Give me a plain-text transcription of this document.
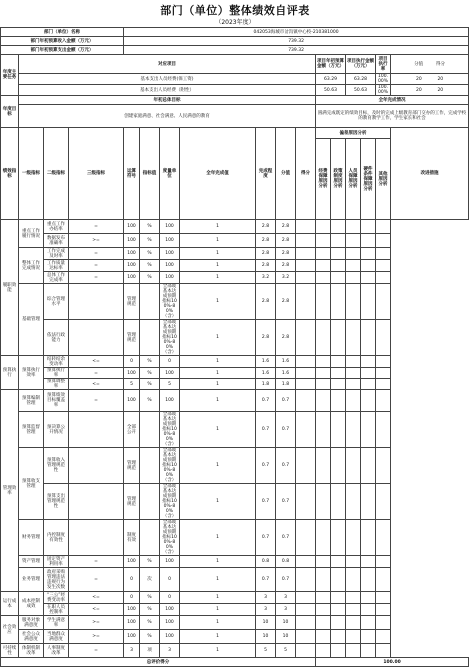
部门（单位）整体绩效自评表
（2023年度）
部门（单位）名称				042053海城市岔沟镇中心校-210381000												
部门年初预算收入金额（万元）				739.32												
部门年初预算支出金额（万元）				739.32												
年度主要任务	对应项目										项目年初预算金额（万元）		项目执行金额（万元）		项目执行率	分值 得分
	基本支出人员经费(保工资)										63.29		63.28		100.00%	20 20
	基本支出人员经费（附性）										50.63		50.63		100.00%	20 20
年度目标	年初总体目标										全年完成情况					
	创建家庭满意、社会满意、人民满意的教育										圆满完成既定的绩效目标，及时的完成上级教育部门交办的工作，完成学校的教育教学工作，学生家长和社会					
绩效指标	一级指标	二级指标	三级指标	运算符号	指标值	度量单位	全年完成值	完成程度	分值	得分	偏差原因分析					改进措施
											经费保障原因分析	政策制度原因分析	人员保障原因分析	硬件条件保障原因分析	其他原因分析	
履职效能	重点工作履行情况	重点工作办结率	=	100	%	100	1	2.8	2.8							
		数据发布准确率	>=	100	%	100	1	2.8	2.8							
	整体工作完成情况	工作完成及时率	=	100	%	100	1	2.8	2.8							
		工作质量达标率	=	100	%	100	1	2.8	2.8							
		总体工作完成率	=	100	%	100	1	3.2	3.2							
	基础管理	综合管理水平		管理规范		全部或基本达成预期指标100%-80%（含）	1	2.8	2.8							
		依法行政能力		管理规范		全部或基本达成预期指标100%-80%（含）	1	2.8	2.8							
预算执行	预算执行效率	结转结余变动率	<=	0	%	0	1	1.6	1.6							
		预算执行率	=	100	%	100	1	1.6	1.6							
		预算调整率	<=	5	%	5	1	1.8	1.8							
管理效率	预算编制管理	预算绩效目标覆盖率	=	100	%	100	1	0.7	0.7							
	预算监督管理	预决算公开情况		全部公开		全部或基本达成预期指标100%-80%（含）	1	0.7	0.7							
	预算收支管理	预算收入管理规范性		管理规范		全部或基本达成预期指标100%-80%（含）	1	0.7	0.7							
		预算支出管理规范性		管理规范		全部或基本达成预期指标100%-80%（含）	1	0.7	0.7							
	财务管理	内控制度有效性		制度有效		全部或基本达成预期指标100%-80%（含）	1	0.7	0.7							
	资产管理	固定资产利用率	=	100	%	100	1	0.8	0.8							
	业务管理	政府采购管理违法违规行为发生次数	=	0	次	0	1	0.7	0.7							
运行成本	成本控制成效	“三公”经费变动率	<=	0	%	0	1	3	3							
		在职人员控制率	<=	100	%	100	1	3	3							
社会效应	服务对象满意度	学生满意率	>=	100	%	100	1	10	10							
	社会公众满意度	当地群众满意度	>=	100	%	100	1	10	10							
可持续性	体制机制改革	人事制度改革	=	3	项	3	1	5	5							
总评价得分											100.00					
